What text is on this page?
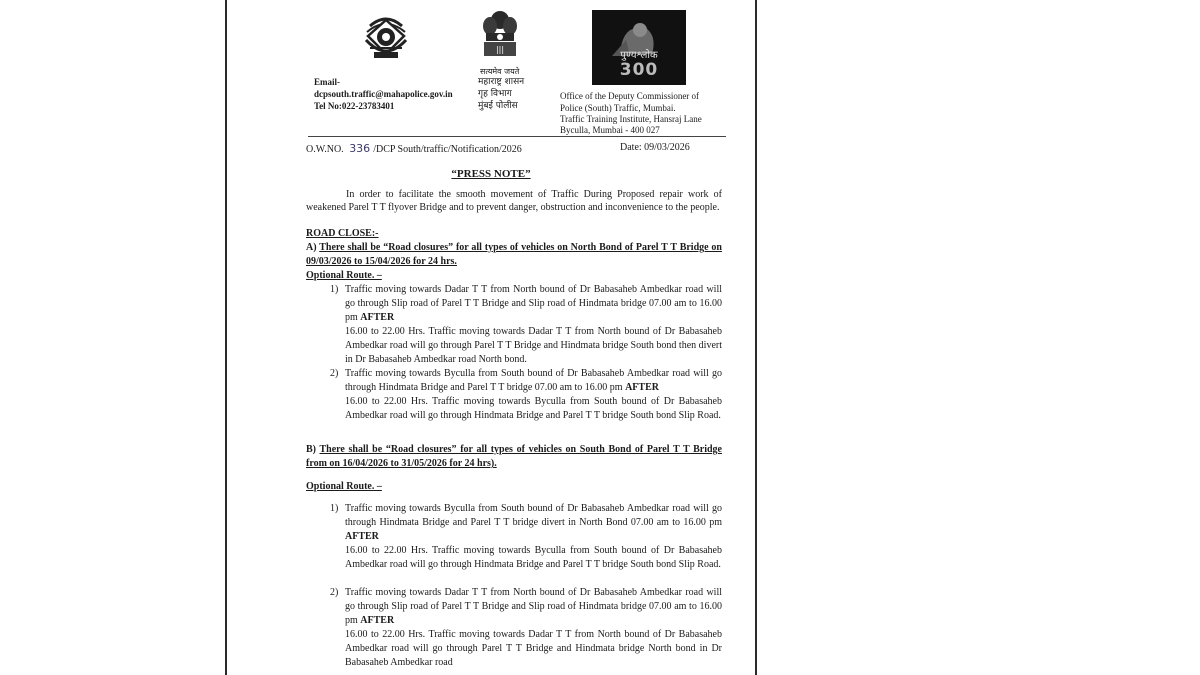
|||
सत्यमेव जयते
महाराष्ट्र शासन
गृह विभाग
मुंबई पोलीस
पुण्यश्लोक
300
Email-
dcpsouth.traffic@mahapolice.gov.in
Tel No:022-23783401
Office of the Deputy Commissioner of
Police (South) Traffic, Mumbai.
Traffic Training Institute, Hansraj Lane
Byculla, Mumbai - 400 027
O.W.NO. 336 /DCP South/traffic/Notification/2026	Date: 09/03/2026
“PRESS NOTE”
In order to facilitate the smooth movement of Traffic During Proposed repair work of weakened Parel T T flyover Bridge and to prevent danger, obstruction and inconvenience to the people.
ROAD CLOSE:-
A) There shall be “Road closures” for all types of vehicles on North Bond of Parel T T Bridge on 09/03/2026 to 15/04/2026 for 24 hrs.
Optional Route. –
1) Traffic moving towards Dadar T T from North bound of Dr Babasaheb Ambedkar road will go through Slip road of Parel T T Bridge and Slip road of Hindmata bridge 07.00 am to 16.00 pm AFTER
16.00 to 22.00 Hrs. Traffic moving towards Dadar T T from North bound of Dr Babasaheb Ambedkar road will go through Parel T T Bridge and Hindmata bridge South bond then divert in Dr Babasaheb Ambedkar road North bond.
2) Traffic moving towards Byculla from South bound of Dr Babasaheb Ambedkar road will go through Hindmata Bridge and Parel T T bridge 07.00 am to 16.00 pm AFTER
16.00 to 22.00 Hrs. Traffic moving towards Byculla from South bound of Dr Babasaheb Ambedkar road will go through Hindmata Bridge and Parel T T bridge South bond Slip Road.
B) There shall be “Road closures” for all types of vehicles on South Bond of Parel T T Bridge from on 16/04/2026 to 31/05/2026 for 24 hrs).
Optional Route. –
1) Traffic moving towards Byculla from South bound of Dr Babasaheb Ambedkar road will go through Hindmata Bridge and Parel T T bridge divert in North Bond 07.00 am to 16.00 pm AFTER
16.00 to 22.00 Hrs. Traffic moving towards Byculla from South bound of Dr Babasaheb Ambedkar road will go through Hindmata Bridge and Parel T T bridge South bond Slip Road.
2) Traffic moving towards Dadar T T from North bound of Dr Babasaheb Ambedkar road will go through Slip road of Parel T T Bridge and Slip road of Hindmata bridge 07.00 am to 16.00 pm AFTER
16.00 to 22.00 Hrs. Traffic moving towards Dadar T T from North bound of Dr Babasaheb Ambedkar road will go through Parel T T Bridge and Hindmata bridge North bond in Dr Babasaheb Ambedkar road
